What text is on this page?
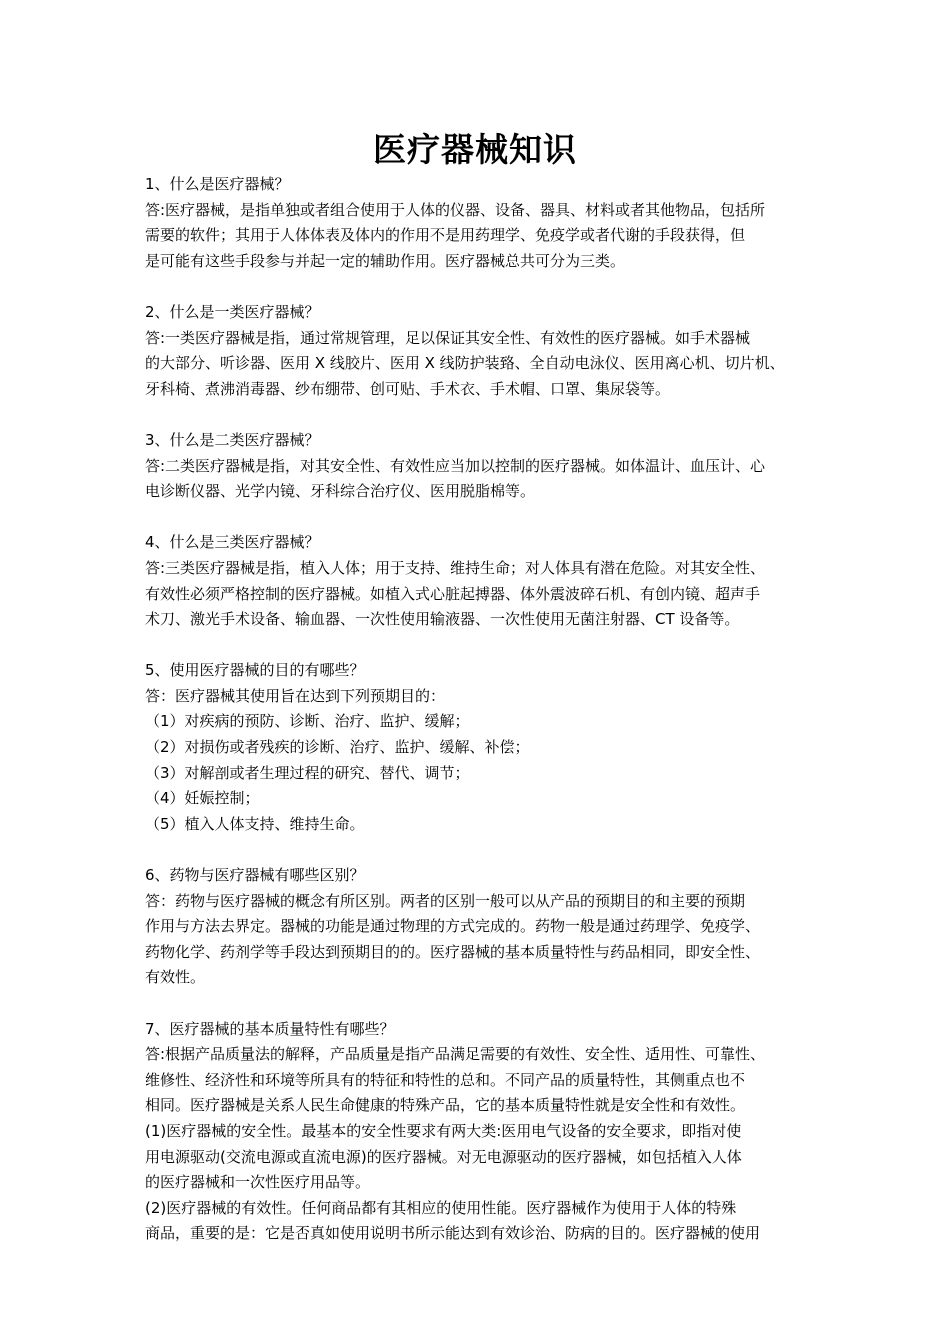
医疗器械知识
1、什么是医疗器械？
答:医疗器械，是指单独或者组合使用于人体的仪器、设备、器具、材料或者其他物品，包括所
需要的软件；其用于人体体表及体内的作用不是用药理学、免疫学或者代谢的手段获得，但
是可能有这些手段参与并起一定的辅助作用。医疗器械总共可分为三类。
2、什么是一类医疗器械？
答:一类医疗器械是指，通过常规管理，足以保证其安全性、有效性的医疗器械。如手术器械
的大部分、听诊器、医用 X 线胶片、医用 X 线防护装臵、全自动电泳仪、医用离心机、切片机、
牙科椅、煮沸消毒器、纱布绷带、创可贴、手术衣、手术帽、口罩、集尿袋等。
3、什么是二类医疗器械？
答:二类医疗器械是指，对其安全性、有效性应当加以控制的医疗器械。如体温计、血压计、心
电诊断仪器、光学内镜、牙科综合治疗仪、医用脱脂棉等。
4、什么是三类医疗器械？
答:三类医疗器械是指，植入人体；用于支持、维持生命；对人体具有潜在危险。对其安全性、
有效性必须严格控制的医疗器械。如植入式心脏起搏器、体外震波碎石机、有创内镜、超声手
术刀、激光手术设备、输血器、一次性使用输液器、一次性使用无菌注射器、CT 设备等。
5、使用医疗器械的目的有哪些？
答：医疗器械其使用旨在达到下列预期目的：
（1）对疾病的预防、诊断、治疗、监护、缓解；
（2）对损伤或者残疾的诊断、治疗、监护、缓解、补偿；
（3）对解剖或者生理过程的研究、替代、调节；
（4）妊娠控制；
（5）植入人体支持、维持生命。
6、药物与医疗器械有哪些区别？
答：药物与医疗器械的概念有所区别。两者的区别一般可以从产品的预期目的和主要的预期
作用与方法去界定。器械的功能是通过物理的方式完成的。药物一般是通过药理学、免疫学、
药物化学、药剂学等手段达到预期目的的。医疗器械的基本质量特性与药品相同，即安全性、
有效性。
7、医疗器械的基本质量特性有哪些？
答:根据产品质量法的解释，产品质量是指产品满足需要的有效性、安全性、适用性、可靠性、
维修性、经济性和环境等所具有的特征和特性的总和。不同产品的质量特性，其侧重点也不
相同。医疗器械是关系人民生命健康的特殊产品，它的基本质量特性就是安全性和有效性。
(1)医疗器械的安全性。最基本的安全性要求有两大类:医用电气设备的安全要求，即指对使
用电源驱动(交流电源或直流电源)的医疗器械。对无电源驱动的医疗器械，如包括植入人体
的医疗器械和一次性医疗用品等。
(2)医疗器械的有效性。任何商品都有其相应的使用性能。医疗器械作为使用于人体的特殊
商品，重要的是：它是否真如使用说明书所示能达到有效诊治、防病的目的。医疗器械的使用
